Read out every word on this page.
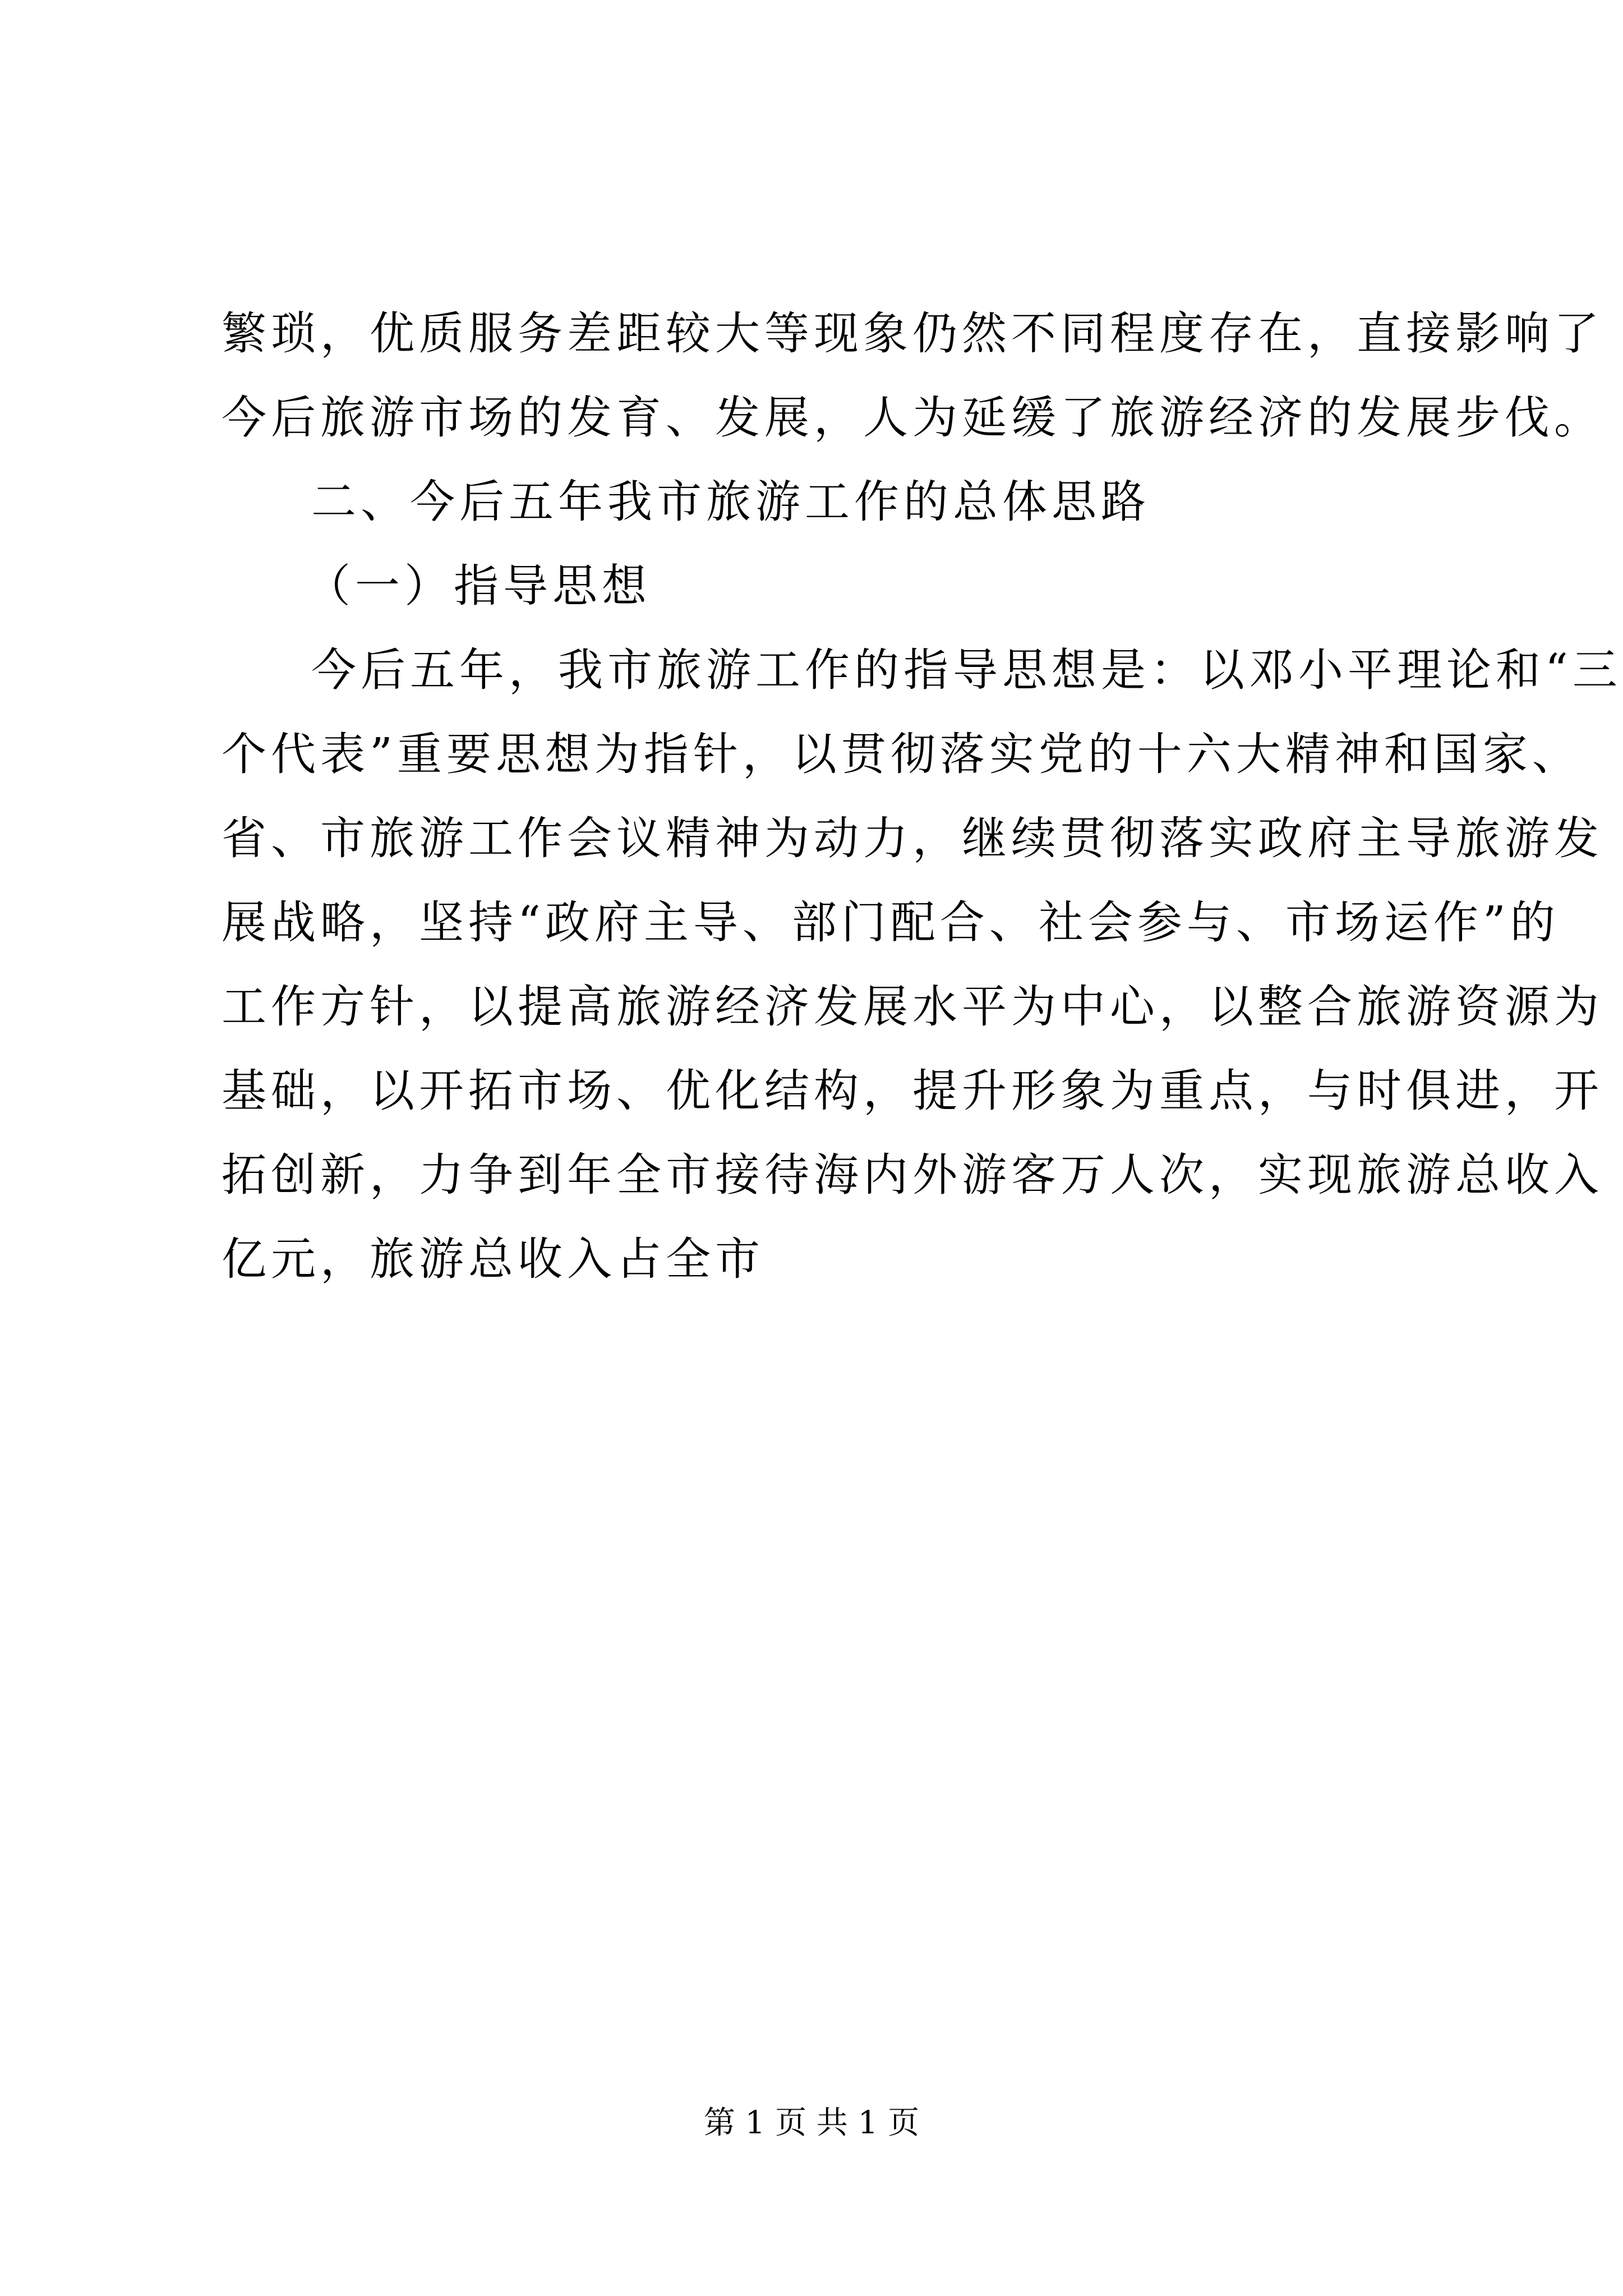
繁琐，优质服务差距较大等现象仍然不同程度存在，直接影响了
今后旅游市场的发育、发展，人为延缓了旅游经济的发展步伐。
二、今后五年我市旅游工作的总体思路
（一）指导思想
今后五年，我市旅游工作的指导思想是：以邓小平理论和“三
个代表”重要思想为指针，以贯彻落实党的十六大精神和国家、
省、市旅游工作会议精神为动力，继续贯彻落实政府主导旅游发
展战略，坚持“政府主导、部门配合、社会参与、市场运作”的
工作方针，以提高旅游经济发展水平为中心，以整合旅游资源为
基础，以开拓市场、优化结构，提升形象为重点，与时俱进，开
拓创新，力争到年全市接待海内外游客万人次，实现旅游总收入
亿元，旅游总收入占全市
第 1 页 共 1 页
